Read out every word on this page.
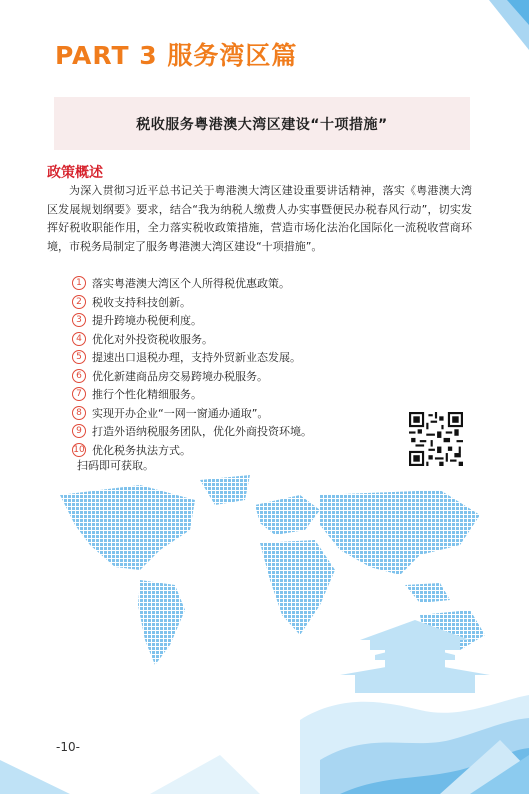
PART 3 服务湾区篇
税收服务粤港澳大湾区建设“十项措施”
政策概述
为深入贯彻习近平总书记关于粤港澳大湾区建设重要讲话精神，落实《粤港澳大湾区发展规划纲要》要求，结合“我为纳税人缴费人办实事暨便民办税春风行动”，切实发挥好税收职能作用，全力落实税收政策措施，营造市场化法治化国际化一流税收营商环境，市税务局制定了服务粤港澳大湾区建设“十项措施”。
1 落实粤港澳大湾区个人所得税优惠政策。
2 税收支持科技创新。
3 提升跨境办税便利度。
4 优化对外投资税收服务。
5 提速出口退税办理，支持外贸新业态发展。
6 优化新建商品房交易跨境办税服务。
7 推行个性化精细服务。
8 实现开办企业“一网一窗通办通取”。
9 打造外语纳税服务团队，优化外商投资环境。
10 优化税务执法方式。
扫码即可获取。
-10-
